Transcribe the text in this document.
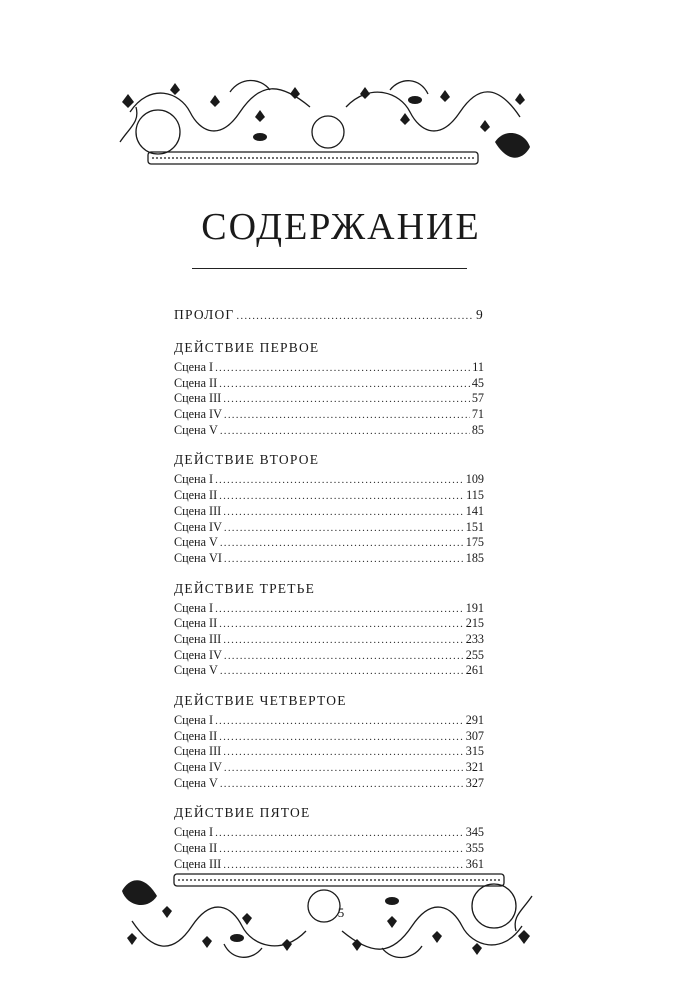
СОДЕРЖАНИЕ
ПРОЛОГ .....	9
ДЕЙСТВИЕ ПЕРВОЕ
Сцена I .....	11
Сцена II .....	45
Сцена III .....	57
Сцена IV .....	71
Сцена V .....	85
ДЕЙСТВИЕ ВТОРОЕ
Сцена I .....	109
Сцена II .....	115
Сцена III .....	141
Сцена IV .....	151
Сцена V .....	175
Сцена VI .....	185
ДЕЙСТВИЕ ТРЕТЬЕ
Сцена I .....	191
Сцена II .....	215
Сцена III .....	233
Сцена IV .....	255
Сцена V .....	261
ДЕЙСТВИЕ ЧЕТВЕРТОЕ
Сцена I .....	291
Сцена II .....	307
Сцена III .....	315
Сцена IV .....	321
Сцена V .....	327
ДЕЙСТВИЕ ПЯТОЕ
Сцена I .....	345
Сцена II .....	355
Сцена III .....	361
5
